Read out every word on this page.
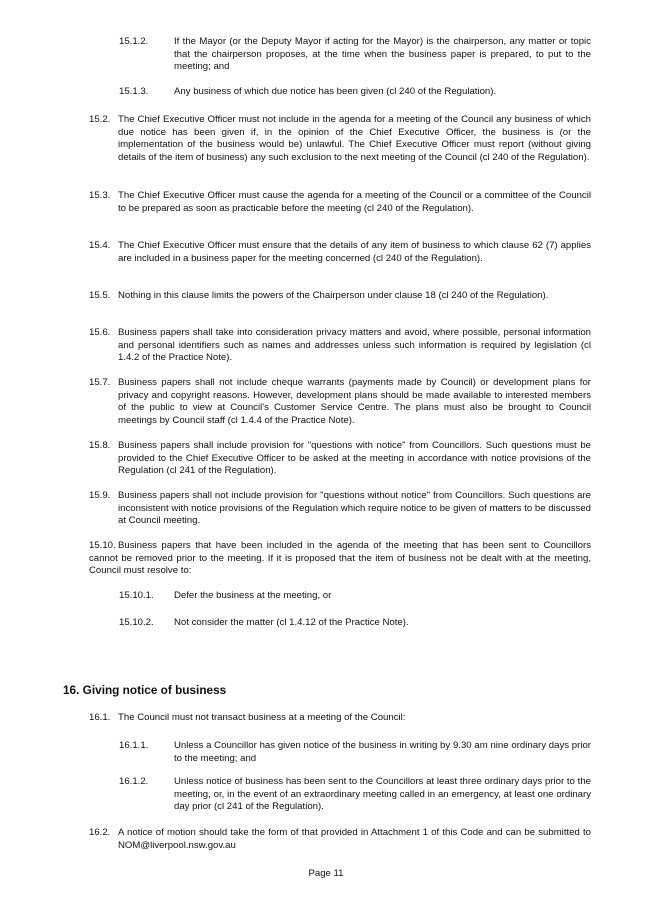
15.1.2.	If the Mayor (or the Deputy Mayor if acting for the Mayor) is the chairperson, any matter or topic that the chairperson proposes, at the time when the business paper is prepared, to put to the meeting; and
15.1.3.	Any business of which due notice has been given (cl 240 of the Regulation).
15.2. The Chief Executive Officer must not include in the agenda for a meeting of the Council any business of which due notice has been given if, in the opinion of the Chief Executive Officer, the business is (or the implementation of the business would be) unlawful. The Chief Executive Officer must report (without giving details of the item of business) any such exclusion to the next meeting of the Council (cl 240 of the Regulation).
15.3. The Chief Executive Officer must cause the agenda for a meeting of the Council or a committee of the Council to be prepared as soon as practicable before the meeting (cl 240 of the Regulation).
15.4. The Chief Executive Officer must ensure that the details of any item of business to which clause 62 (7) applies are included in a business paper for the meeting concerned (cl 240 of the Regulation).
15.5. Nothing in this clause limits the powers of the Chairperson under clause 18 (cl 240 of the Regulation).
15.6. Business papers shall take into consideration privacy matters and avoid, where possible, personal information and personal identifiers such as names and addresses unless such information is required by legislation (cl 1.4.2 of the Practice Note).
15.7. Business papers shall not include cheque warrants (payments made by Council) or development plans for privacy and copyright reasons. However, development plans should be made available to interested members of the public to view at Council's Customer Service Centre. The plans must also be brought to Council meetings by Council staff (cl 1.4.4 of the Practice Note).
15.8. Business papers shall include provision for "questions with notice" from Councillors. Such questions must be provided to the Chief Executive Officer to be asked at the meeting in accordance with notice provisions of the Regulation (cl 241 of the Regulation).
15.9. Business papers shall not include provision for "questions without notice" from Councillors. Such questions are inconsistent with notice provisions of the Regulation which require notice to be given of matters to be discussed at Council meeting.
15.10. Business papers that have been included in the agenda of the meeting that has been sent to Councillors cannot be removed prior to the meeting. If it is proposed that the item of business not be dealt with at the meeting, Council must resolve to:
15.10.1. Defer the business at the meeting, or
15.10.2. Not consider the matter (cl 1.4.12 of the Practice Note).
16. Giving notice of business
16.1. The Council must not transact business at a meeting of the Council:
16.1.1.	Unless a Councillor has given notice of the business in writing by 9.30 am nine ordinary days prior to the meeting; and
16.1.2.	Unless notice of business has been sent to the Councillors at least three ordinary days prior to the meeting, or, in the event of an extraordinary meeting called in an emergency, at least one ordinary day prior (cl 241 of the Regulation).
16.2. A notice of motion should take the form of that provided in Attachment 1 of this Code and can be submitted to NOM@liverpool.nsw.gov.au
Page 11
